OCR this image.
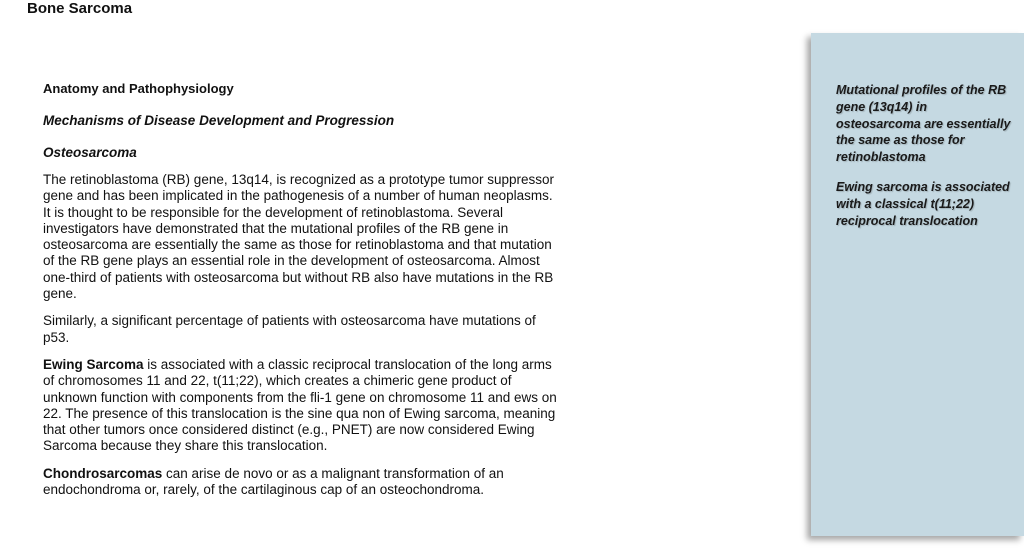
Bone Sarcoma
Anatomy and Pathophysiology
Mechanisms of Disease Development and Progression
Osteosarcoma

The retinoblastoma (RB) gene, 13q14, is recognized as a prototype tumor suppressor gene and has been implicated in the pathogenesis of a number of human neoplasms. It is thought to be responsible for the development of retinoblastoma. Several investigators have demonstrated that the mutational profiles of the RB gene in osteosarcoma are essentially the same as those for retinoblastoma and that mutation of the RB gene plays an essential role in the development of osteosarcoma. Almost one-third of patients with osteosarcoma but without RB also have mutations in the RB gene.

Similarly, a significant percentage of patients with osteosarcoma have mutations of p53.

Ewing Sarcoma is associated with a classic reciprocal translocation of the long arms of chromosomes 11 and 22, t(11;22), which creates a chimeric gene product of unknown function with components from the fli-1 gene on chromosome 11 and ews on 22. The presence of this translocation is the sine qua non of Ewing sarcoma, meaning that other tumors once considered distinct (e.g., PNET) are now considered Ewing Sarcoma because they share this translocation.

Chondrosarcomas can arise de novo or as a malignant transformation of an endochondroma or, rarely, of the cartilaginous cap of an osteochondroma.

Mutational profiles of the RB gene (13q14) in osteosarcoma are essentially the same as those for retinoblastoma
Ewing sarcoma is associated with a classical t(11;22) reciprocal translocation
